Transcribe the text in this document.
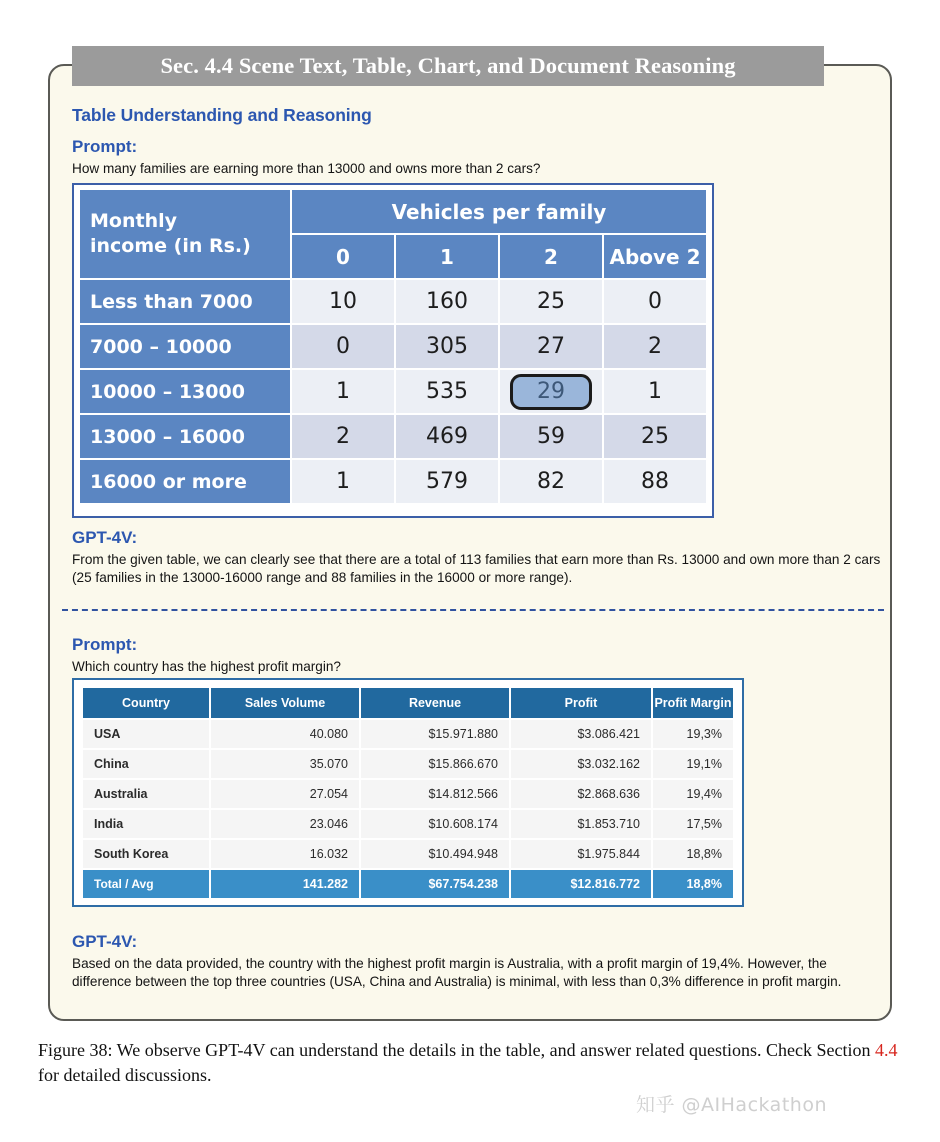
Sec. 4.4 Scene Text, Table, Chart, and Document Reasoning
Table Understanding and Reasoning
Prompt:
How many families are earning more than 13000 and owns more than 2 cars?
Monthly
income (in Rs.)	Vehicles per family			
	0	1	2	Above 2
Less than 7000	10	160	25	0
7000 – 10000	0	305	27	2
10000 – 13000	1	535	29	1
13000 – 16000	2	469	59	25
16000 or more	1	579	82	88
GPT-4V:
From the given table, we can clearly see that there are a total of 113 families that earn more than Rs. 13000 and own more than 2 cars (25 families in the 13000-16000 range and 88 families in the 16000 or more range).
Prompt:
Which country has the highest profit margin?
Country	Sales Volume	Revenue	Profit	Profit Margin
USA	40.080	$15.971.880	$3.086.421	19,3%
China	35.070	$15.866.670	$3.032.162	19,1%
Australia	27.054	$14.812.566	$2.868.636	19,4%
India	23.046	$10.608.174	$1.853.710	17,5%
South Korea	16.032	$10.494.948	$1.975.844	18,8%
Total / Avg	141.282	$67.754.238	$12.816.772	18,8%
GPT-4V:
Based on the data provided, the country with the highest profit margin is Australia, with a profit margin of 19,4%. However, the difference between the top three countries (USA, China and Australia) is minimal, with less than 0,3% difference in profit margin.
Figure 38: We observe GPT-4V can understand the details in the table, and answer related questions. Check Section 4.4 for detailed discussions.
知乎 @AIHackathon
